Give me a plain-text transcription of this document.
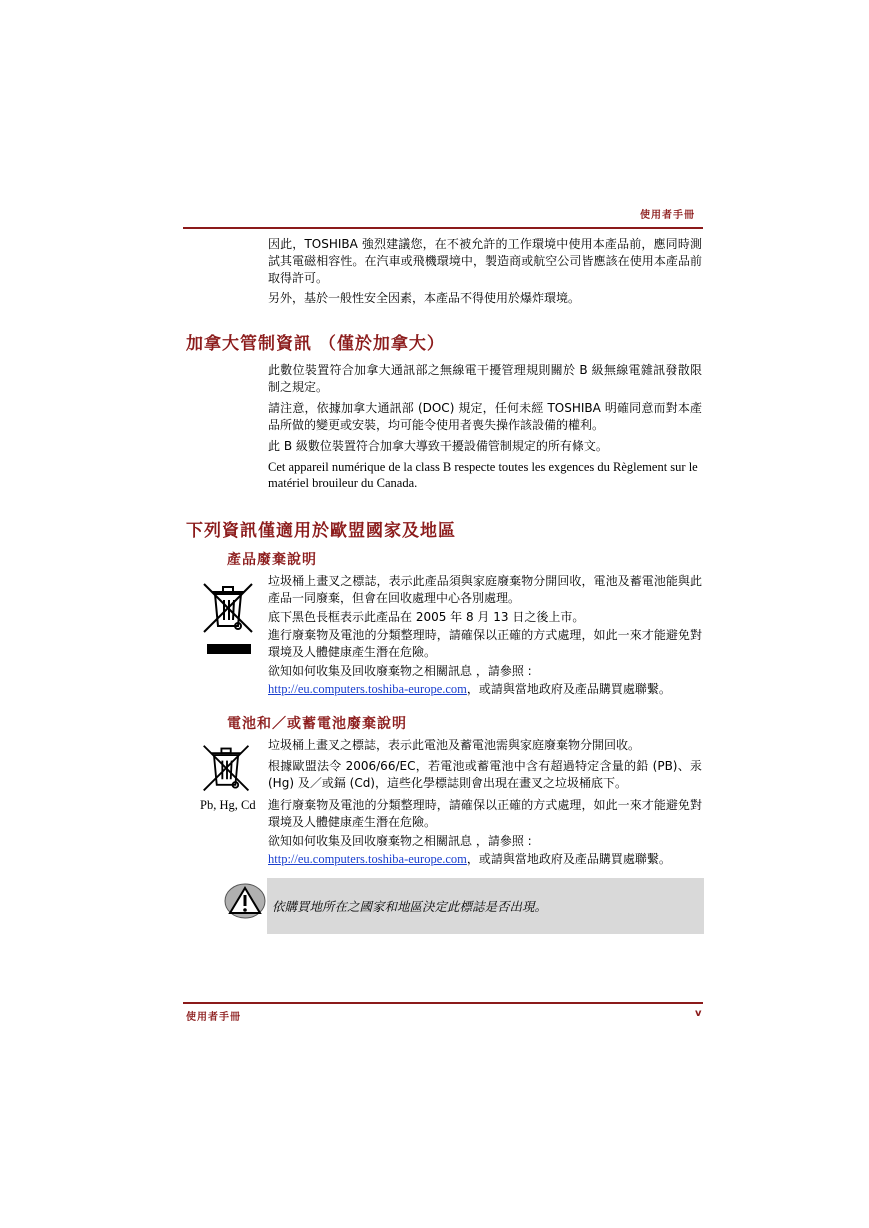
使用者手冊
因此，TOSHIBA 強烈建議您，在不被允許的工作環境中使用本產品前，應同時測試其電磁相容性。在汽車或飛機環境中，製造商或航空公司皆應該在使用本產品前取得許可。
另外，基於一般性安全因素，本產品不得使用於爆炸環境。
加拿大管制資訊 （僅於加拿大）
此數位裝置符合加拿大通訊部之無線電干擾管理規則關於 B 級無線電雜訊發散限制之規定。
請注意，依據加拿大通訊部 (DOC) 規定，任何未經 TOSHIBA 明確同意而對本產品所做的變更或安裝，均可能令使用者喪失操作該設備的權利。
此 B 級數位裝置符合加拿大導致干擾設備管制規定的所有條文。
Cet appareil numérique de la class B respecte toutes les exgences du Règlement sur le matériel brouileur du Canada.
下列資訊僅適用於歐盟國家及地區
產品廢棄說明
垃圾桶上畫叉之標誌，表示此產品須與家庭廢棄物分開回收，電池及蓄電池能與此產品一同廢棄，但會在回收處理中心各別處理。
底下黑色長框表示此產品在 2005 年 8 月 13 日之後上市。
進行廢棄物及電池的分類整理時，請確保以正確的方式處理，如此一來才能避免對環境及人體健康產生潛在危險。
欲知如何收集及回收廢棄物之相關訊息 ，請參照 :
http://eu.computers.toshiba-europe.com，或請與當地政府及產品購買處聯繫。
電池和／或蓄電池廢棄說明
Pb, Hg, Cd
垃圾桶上畫叉之標誌，表示此電池及蓄電池需與家庭廢棄物分開回收。
根據歐盟法令 2006/66/EC，若電池或蓄電池中含有超過特定含量的鉛 (PB)、汞 (Hg) 及／或鎘 (Cd)，這些化學標誌則會出現在畫叉之垃圾桶底下。
進行廢棄物及電池的分類整理時，請確保以正確的方式處理，如此一來才能避免對環境及人體健康產生潛在危險。
欲知如何收集及回收廢棄物之相關訊息 ，請參照 :
http://eu.computers.toshiba-europe.com，或請與當地政府及產品購買處聯繫。
依購買地所在之國家和地區決定此標誌是否出現。
使用者手冊	v
